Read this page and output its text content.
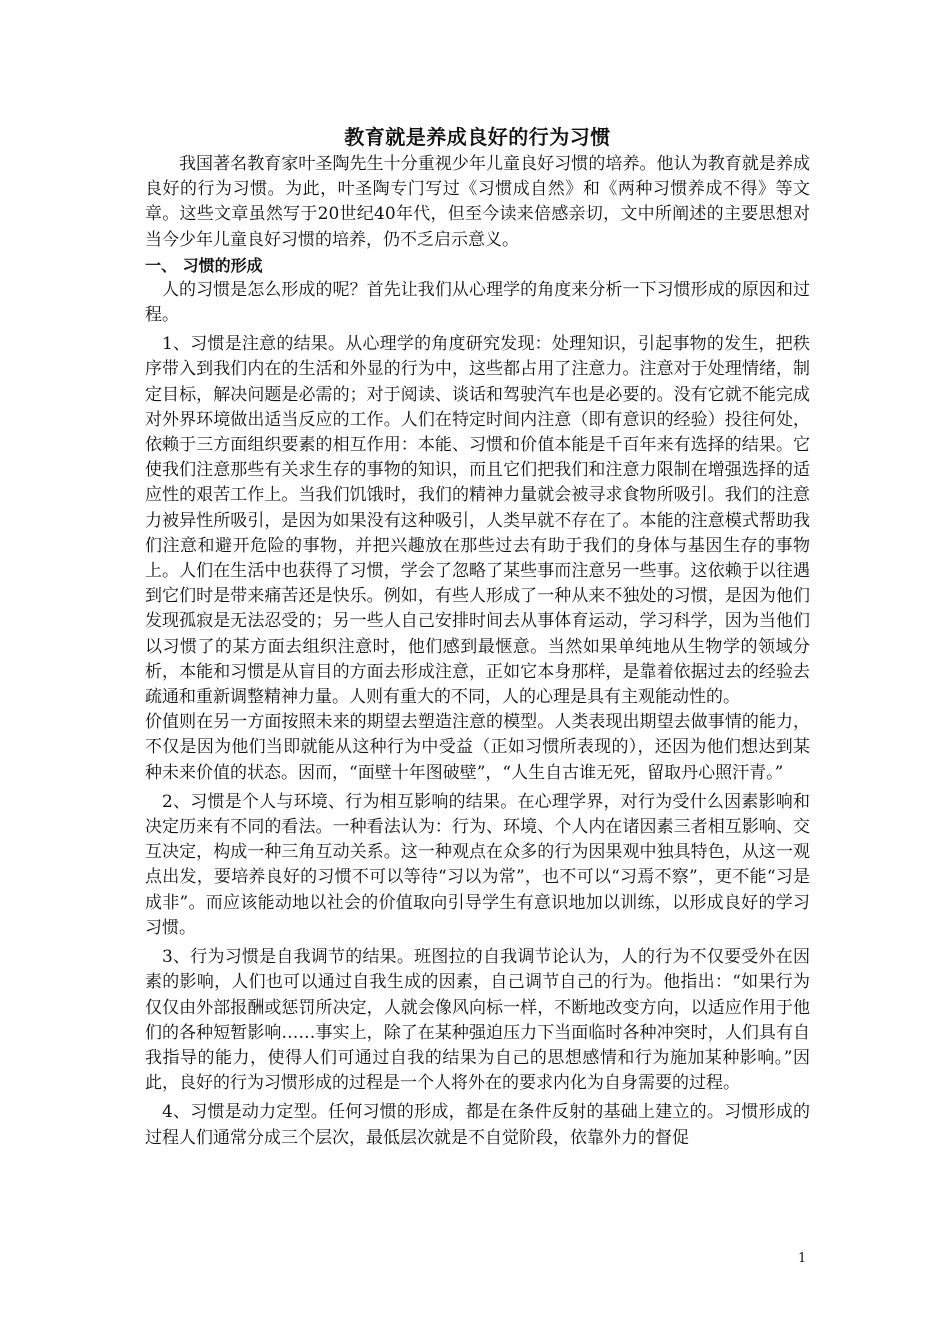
教育就是养成良好的行为习惯

我国著名教育家叶圣陶先生十分重视少年儿童良好习惯的培养。他认为教育就是养成良好的行为习惯。为此，叶圣陶专门写过《习惯成自然》和《两种习惯养成不得》等文章。这些文章虽然写于20世纪40年代，但至今读来倍感亲切，文中所阐述的主要思想对当今少年儿童良好习惯的培养，仍不乏启示意义。

一、 习惯的形成

人的习惯是怎么形成的呢？首先让我们从心理学的角度来分析一下习惯形成的原因和过程。

1、习惯是注意的结果。从心理学的角度研究发现：处理知识，引起事物的发生，把秩序带入到我们内在的生活和外显的行为中，这些都占用了注意力。注意对于处理情绪，制定目标，解决问题是必需的；对于阅读、谈话和驾驶汽车也是必要的。没有它就不能完成对外界环境做出适当反应的工作。人们在特定时间内注意（即有意识的经验）投往何处，依赖于三方面组织要素的相互作用：本能、习惯和价值本能是千百年来有选择的结果。它使我们注意那些有关求生存的事物的知识，而且它们把我们和注意力限制在增强选择的适应性的艰苦工作上。当我们饥饿时，我们的精神力量就会被寻求食物所吸引。我们的注意力被异性所吸引，是因为如果没有这种吸引，人类早就不存在了。本能的注意模式帮助我们注意和避开危险的事物，并把兴趣放在那些过去有助于我们的身体与基因生存的事物上。人们在生活中也获得了习惯，学会了忽略了某些事而注意另一些事。这依赖于以往遇到它们时是带来痛苦还是快乐。例如，有些人形成了一种从来不独处的习惯，是因为他们发现孤寂是无法忍受的；另一些人自己安排时间去从事体育运动，学习科学，因为当他们以习惯了的某方面去组织注意时，他们感到最惬意。当然如果单纯地从生物学的领域分析，本能和习惯是从盲目的方面去形成注意，正如它本身那样，是靠着依据过去的经验去疏通和重新调整精神力量。人则有重大的不同，人的心理是具有主观能动性的。

价值则在另一方面按照未来的期望去塑造注意的模型。人类表现出期望去做事情的能力，不仅是因为他们当即就能从这种行为中受益（正如习惯所表现的），还因为他们想达到某种未来价值的状态。因而，“面壁十年图破壁”，“人生自古谁无死，留取丹心照汗青。”

2、习惯是个人与环境、行为相互影响的结果。在心理学界，对行为受什么因素影响和决定历来有不同的看法。一种看法认为：行为、环境、个人内在诸因素三者相互影响、交互决定，构成一种三角互动关系。这一种观点在众多的行为因果观中独具特色，从这一观点出发，要培养良好的习惯不可以等待“习以为常”，也不可以“习焉不察”，更不能“习是成非”。而应该能动地以社会的价值取向引导学生有意识地加以训练，以形成良好的学习习惯。

3、行为习惯是自我调节的结果。班图拉的自我调节论认为，人的行为不仅要受外在因素的影响，人们也可以通过自我生成的因素，自己调节自己的行为。他指出：“如果行为仅仅由外部报酬或惩罚所决定，人就会像风向标一样，不断地改变方向，以适应作用于他们的各种短暂影响……事实上，除了在某种强迫压力下当面临时各种冲突时，人们具有自我指导的能力，使得人们可通过自我的结果为自己的思想感情和行为施加某种影响。”因此，良好的行为习惯形成的过程是一个人将外在的要求内化为自身需要的过程。

4、习惯是动力定型。任何习惯的形成，都是在条件反射的基础上建立的。习惯形成的过程人们通常分成三个层次，最低层次就是不自觉阶段，依靠外力的督促

1
